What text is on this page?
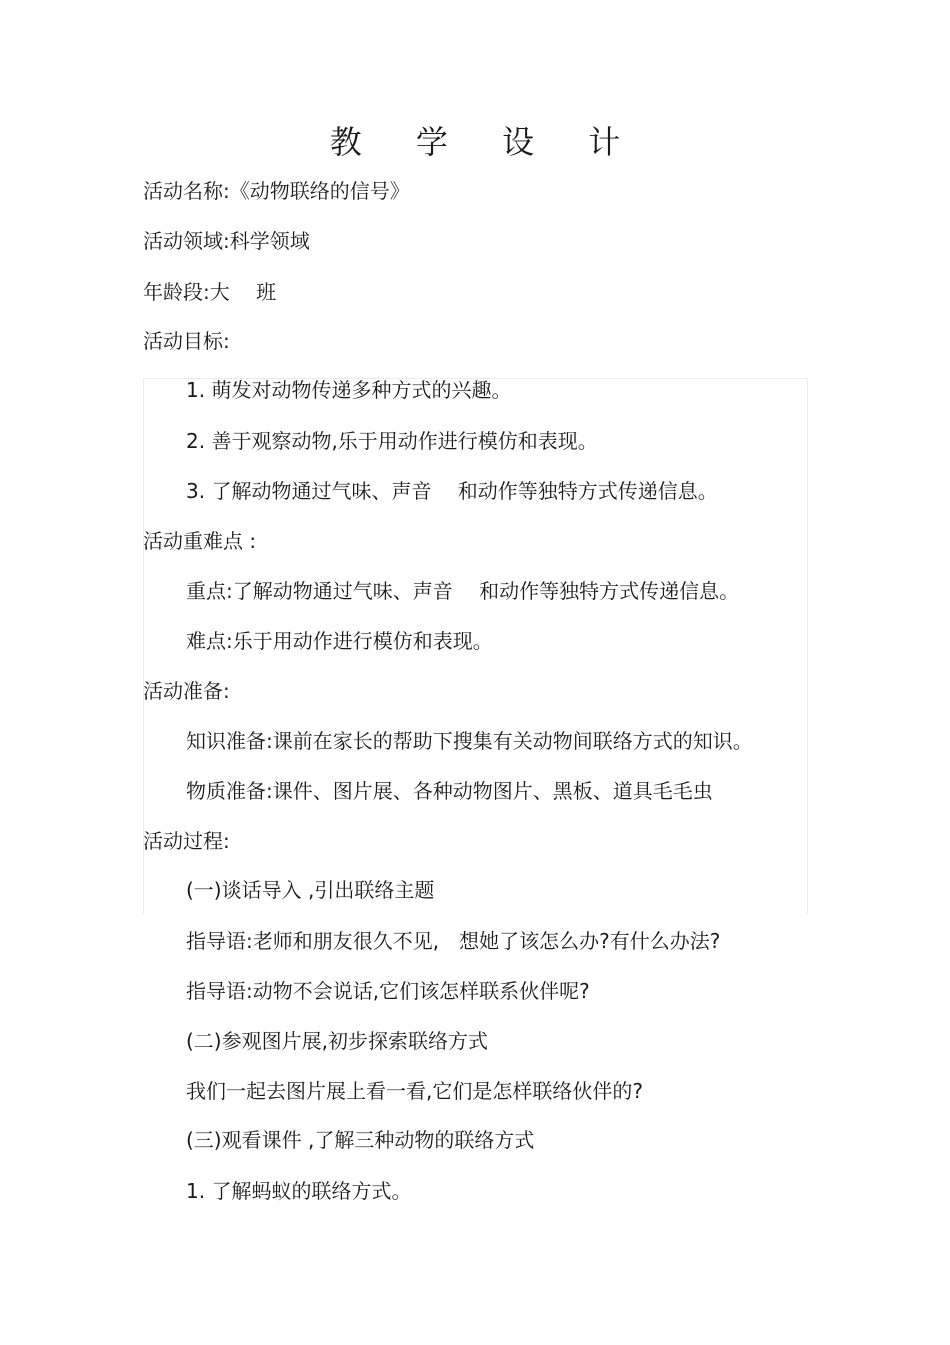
教 学 设 计
活动名称:《动物联络的信号》
活动领域:科学领域
年龄段:大　 班
活动目标:
1. 萌发对动物传递多种方式的兴趣。
2. 善于观察动物,乐于用动作进行模仿和表现。
3. 了解动物通过气味、声音　 和动作等独特方式传递信息。
活动重难点 :
重点:了解动物通过气味、声音　 和动作等独特方式传递信息。
难点:乐于用动作进行模仿和表现。
活动准备:
知识准备:课前在家长的帮助下搜集有关动物间联络方式的知识。
物质准备:课件、图片展、各种动物图片、黑板、道具毛毛虫
活动过程:
(一)谈话导入 ,引出联络主题
指导语:老师和朋友很久不见,　想她了该怎么办?有什么办法?
指导语:动物不会说话,它们该怎样联系伙伴呢?
(二)参观图片展,初步探索联络方式
我们一起去图片展上看一看,它们是怎样联络伙伴的?
(三)观看课件 ,了解三种动物的联络方式
1. 了解蚂蚁的联络方式。
